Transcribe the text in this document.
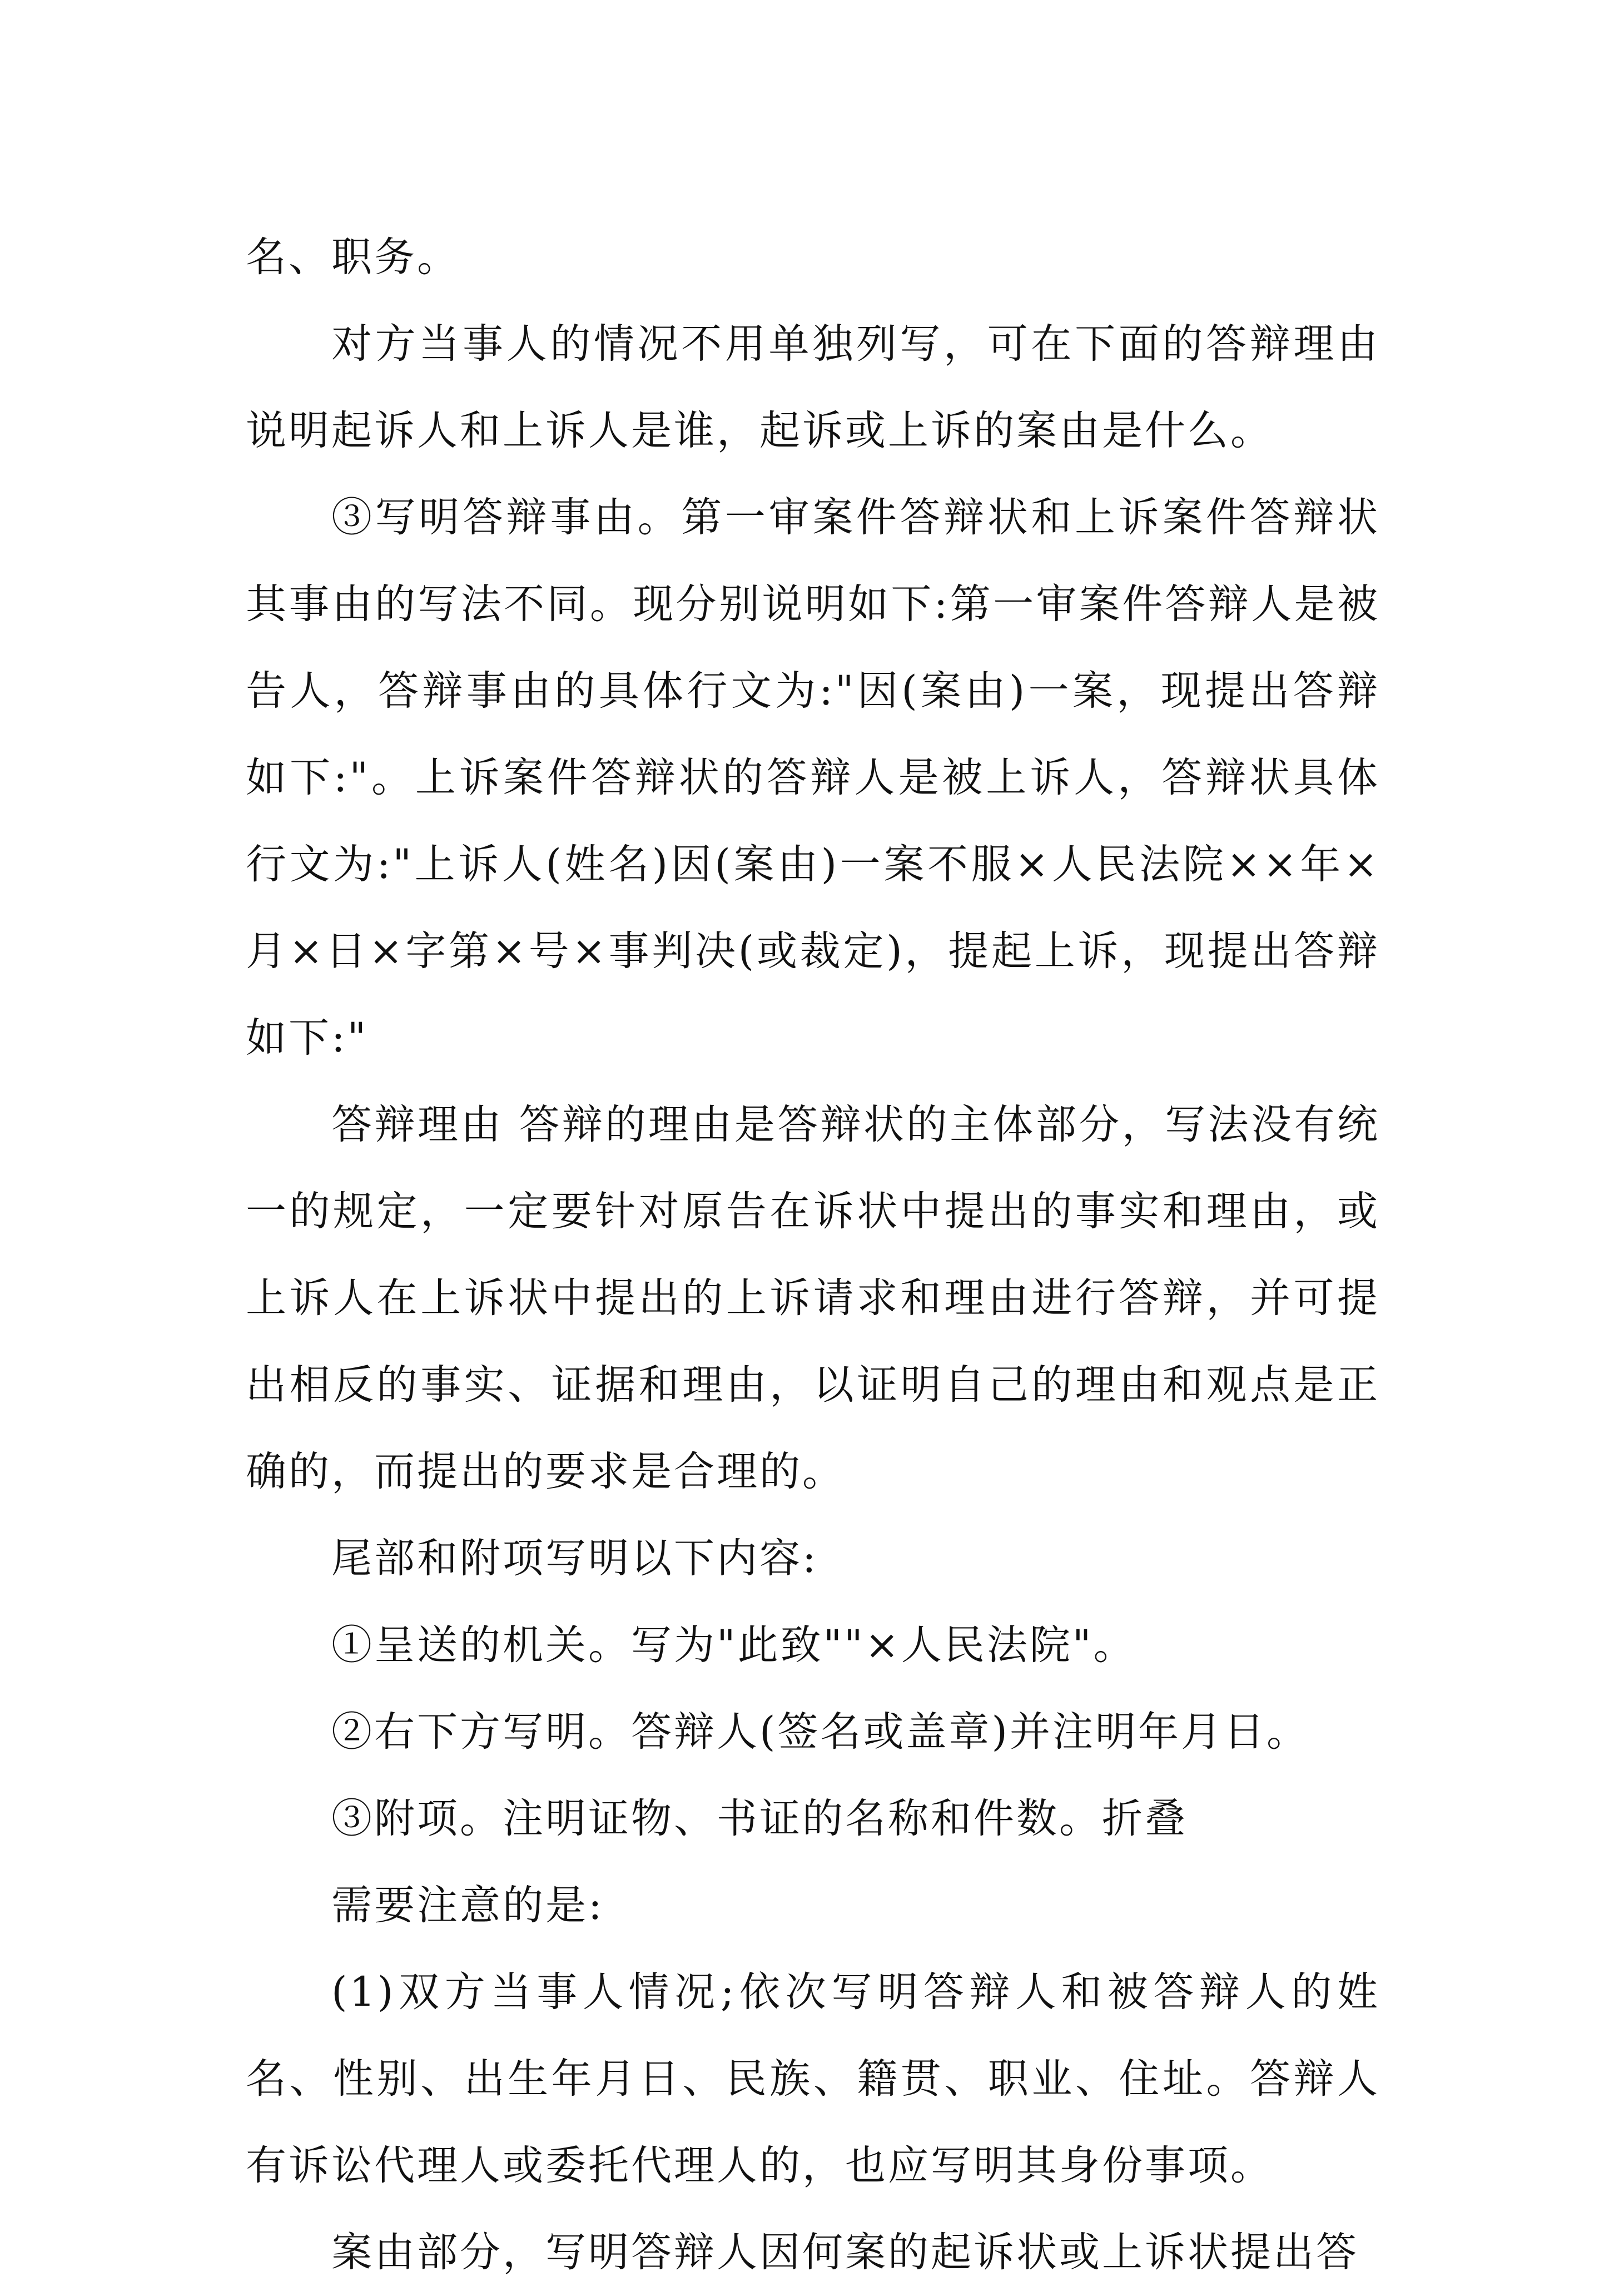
名、职务。

对方当事人的情况不用单独列写，可在下面的答辩理由说明起诉人和上诉人是谁，起诉或上诉的案由是什么。

③写明答辩事由。第一审案件答辩状和上诉案件答辩状其事由的写法不同。现分别说明如下:第一审案件答辩人是被告人，答辩事由的具体行文为:"因(案由)一案，现提出答辩如下:"。上诉案件答辩状的答辩人是被上诉人，答辩状具体行文为:"上诉人(姓名)因(案由)一案不服×人民法院××年×月×日×字第×号×事判决(或裁定)，提起上诉，现提出答辩如下:"

答辩理由 答辩的理由是答辩状的主体部分，写法没有统一的规定，一定要针对原告在诉状中提出的事实和理由，或上诉人在上诉状中提出的上诉请求和理由进行答辩，并可提出相反的事实、证据和理由，以证明自己的理由和观点是正确的，而提出的要求是合理的。

尾部和附项写明以下内容:

①呈送的机关。写为"此致""×人民法院"。

②右下方写明。答辩人(签名或盖章)并注明年月日。

③附项。注明证物、书证的名称和件数。折叠

需要注意的是:

(1)双方当事人情况;依次写明答辩人和被答辩人的姓名、性别、出生年月日、民族、籍贯、职业、住址。答辩人有诉讼代理人或委托代理人的，也应写明其身份事项。

案由部分，写明答辩人因何案的起诉状或上诉状提出答
